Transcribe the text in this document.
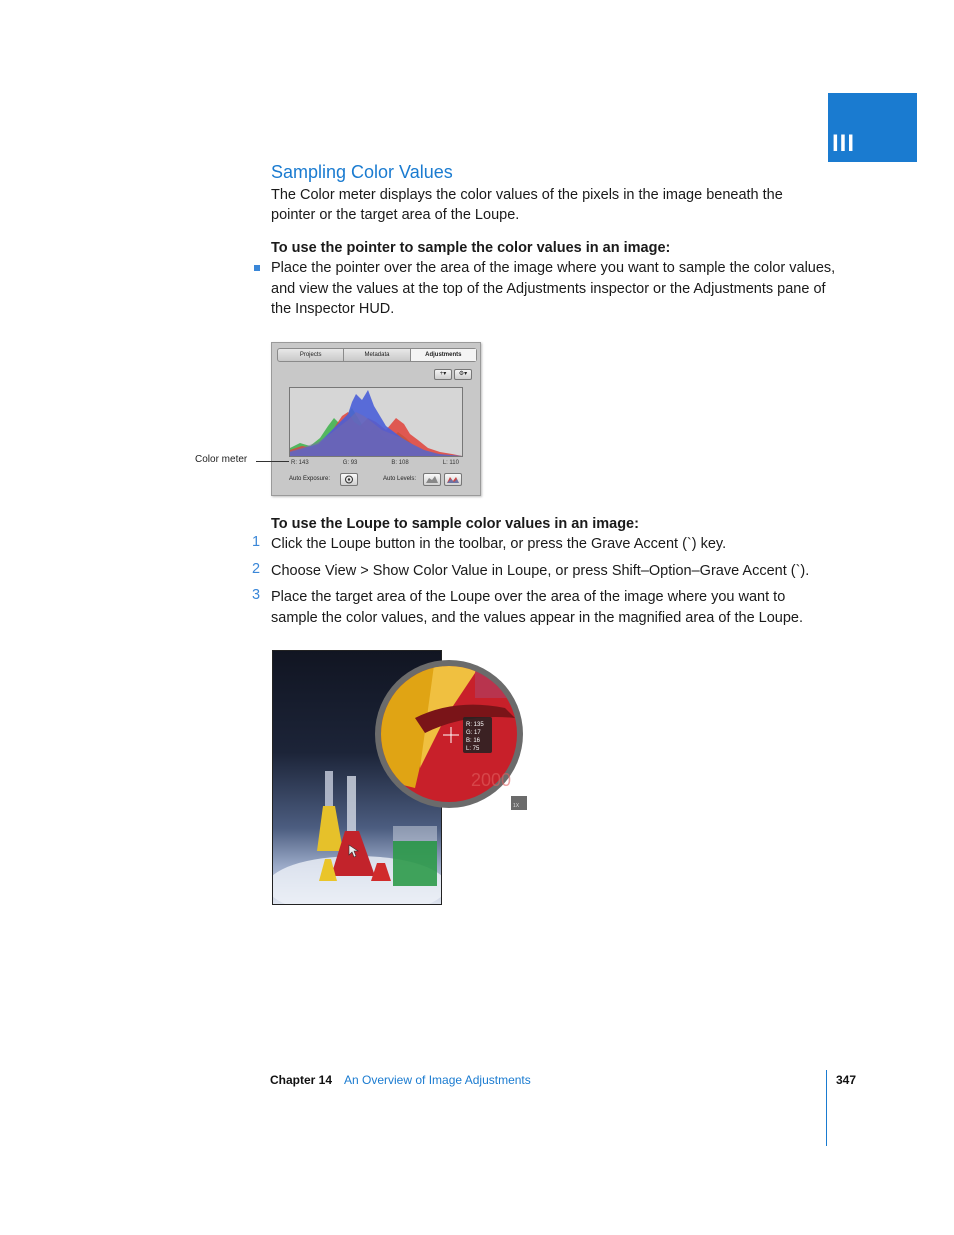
III
Sampling Color Values
The Color meter displays the color values of the pixels in the image beneath the
pointer or the target area of the Loupe.
To use the pointer to sample the color values in an image:
Place the pointer over the area of the image where you want to sample the color values,
and view the values at the top of the Adjustments inspector or the Adjustments pane of
the Inspector HUD.
Projects	Metadata	Adjustments
+▾	⚙▾
R: 143	G: 93	B: 108	L: 110
Auto Exposure:	Auto Levels:
Color meter
To use the Loupe to sample color values in an image:
1 Click the Loupe button in the toolbar, or press the Grave Accent (`) key.
2 Choose View > Show Color Value in Loupe, or press Shift–Option–Grave Accent (`).
3 Place the target area of the Loupe over the area of the image where you want to
sample the color values, and the values appear in the magnified area of the Loupe.
1X
R: 135
G: 17
B: 16
L: 75
2000
Chapter 14 An Overview of Image Adjustments	347
